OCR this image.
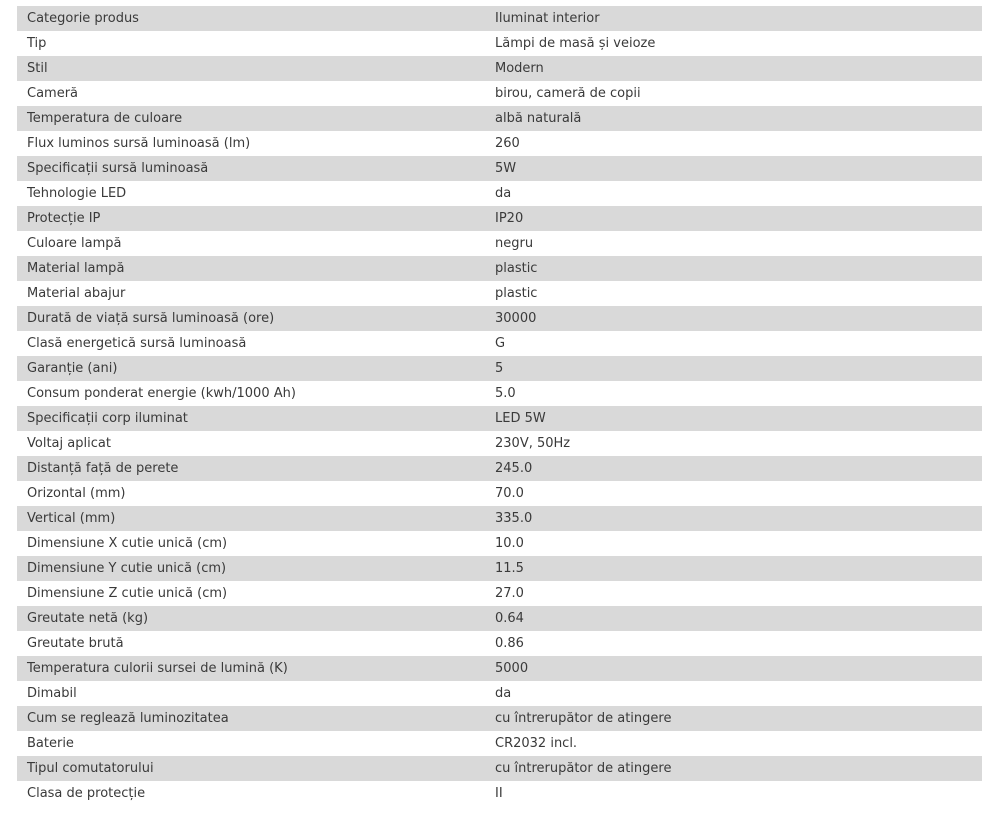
Categorie produs	Iluminat interior
Tip	Lămpi de masă și veioze
Stil	Modern
Cameră	birou, cameră de copii
Temperatura de culoare	albă naturală
Flux luminos sursă luminoasă (lm)	260
Specificații sursă luminoasă	5W
Tehnologie LED	da
Protecție IP	IP20
Culoare lampă	negru
Material lampă	plastic
Material abajur	plastic
Durată de viață sursă luminoasă (ore)	30000
Clasă energetică sursă luminoasă	G
Garanție (ani)	5
Consum ponderat energie (kwh/1000 Ah)	5.0
Specificații corp iluminat	LED 5W
Voltaj aplicat	230V, 50Hz
Distanță față de perete	245.0
Orizontal (mm)	70.0
Vertical (mm)	335.0
Dimensiune X cutie unică (cm)	10.0
Dimensiune Y cutie unică (cm)	11.5
Dimensiune Z cutie unică (cm)	27.0
Greutate netă (kg)	0.64
Greutate brută	0.86
Temperatura culorii sursei de lumină (K)	5000
Dimabil	da
Cum se reglează luminozitatea	cu întrerupător de atingere
Baterie	CR2032 incl.
Tipul comutatorului	cu întrerupător de atingere
Clasa de protecție	II
